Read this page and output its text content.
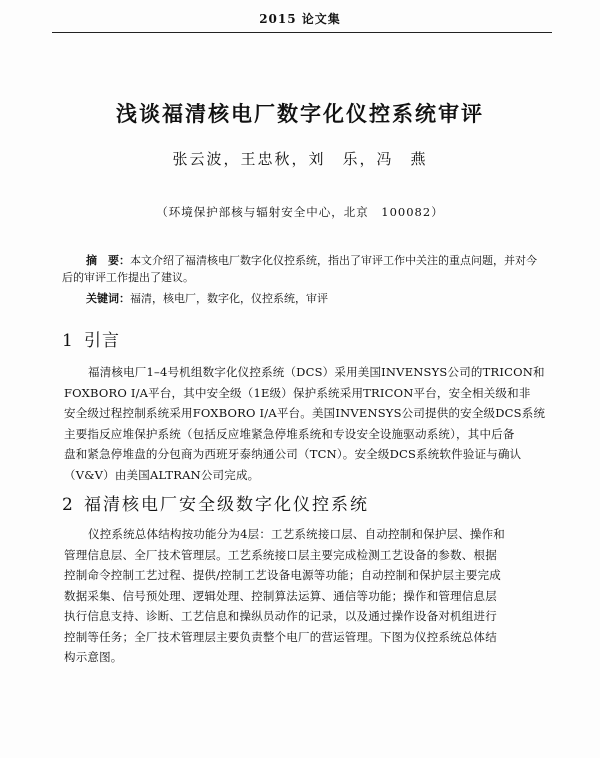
2015 论文集
浅谈福清核电厂数字化仪控系统审评
张云波，王忠秋，刘　乐，冯　燕
（环境保护部核与辐射安全中心，北京　100082）
摘　要：本文介绍了福清核电厂数字化仪控系统，指出了审评工作中关注的重点问题，并对今后的审评工作提出了建议。
关键词：福清，核电厂，数字化，仪控系统，审评
1 引言
福清核电厂1–4号机组数字化仪控系统（DCS）采用美国INVENSYS公司的TRICON和
FOXBORO I/A平台，其中安全级（1E级）保护系统采用TRICON平台，安全相关级和非
安全级过程控制系统采用FOXBORO I/A平台。美国INVENSYS公司提供的安全级DCS系统
主要指反应堆保护系统（包括反应堆紧急停堆系统和专设安全设施驱动系统），其中后备
盘和紧急停堆盘的分包商为西班牙泰纳通公司（TCN）。安全级DCS系统软件验证与确认
（V&V）由美国ALTRAN公司完成。
2 福清核电厂安全级数字化仪控系统
仪控系统总体结构按功能分为4层：工艺系统接口层、自动控制和保护层、操作和
管理信息层、全厂技术管理层。工艺系统接口层主要完成检测工艺设备的参数、根据
控制命令控制工艺过程、提供/控制工艺设备电源等功能；自动控制和保护层主要完成
数据采集、信号预处理、逻辑处理、控制算法运算、通信等功能；操作和管理信息层
执行信息支持、诊断、工艺信息和操纵员动作的记录，以及通过操作设备对机组进行
控制等任务；全厂技术管理层主要负责整个电厂的营运管理。下图为仪控系统总体结
构示意图。
